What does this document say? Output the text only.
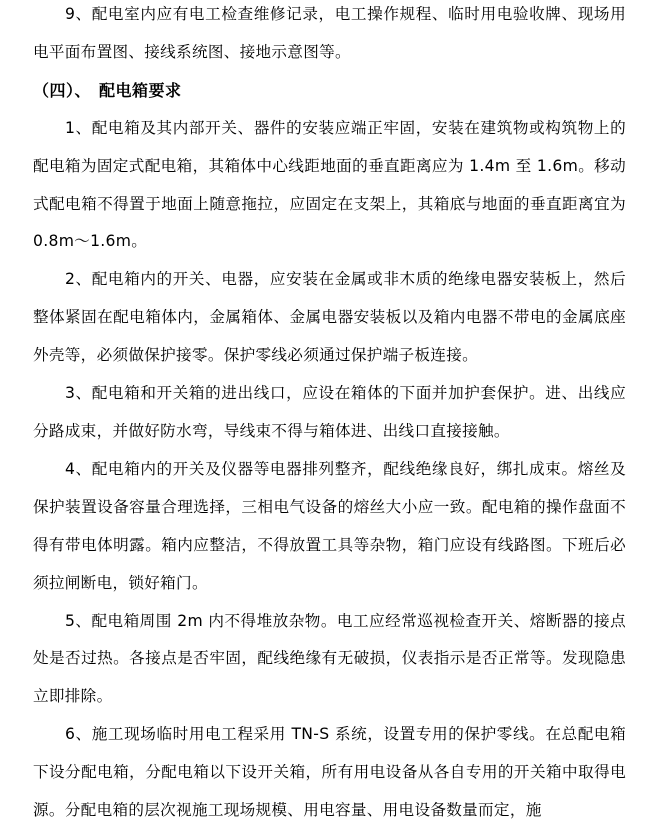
9、配电室内应有电工检查维修记录，电工操作规程、临时用电验收牌、现场用电平面布置图、接线系统图、接地示意图等。

（四）、 配电箱要求

1、配电箱及其内部开关、器件的安装应端正牢固，安装在建筑物或构筑物上的配电箱为固定式配电箱，其箱体中心线距地面的垂直距离应为 1.4m 至 1.6m。移动式配电箱不得置于地面上随意拖拉，应固定在支架上，其箱底与地面的垂直距离宜为 0.8m～1.6m。

2、配电箱内的开关、电器，应安装在金属或非木质的绝缘电器安装板上，然后整体紧固在配电箱体内，金属箱体、金属电器安装板以及箱内电器不带电的金属底座外壳等，必须做保护接零。保护零线必须通过保护端子板连接。

3、配电箱和开关箱的进出线口，应设在箱体的下面并加护套保护。进、出线应分路成束，并做好防水弯，导线束不得与箱体进、出线口直接接触。

4、配电箱内的开关及仪器等电器排列整齐，配线绝缘良好，绑扎成束。熔丝及保护装置设备容量合理选择，三相电气设备的熔丝大小应一致。配电箱的操作盘面不得有带电体明露。箱内应整洁，不得放置工具等杂物，箱门应设有线路图。下班后必须拉闸断电，锁好箱门。

5、配电箱周围 2m 内不得堆放杂物。电工应经常巡视检查开关、熔断器的接点处是否过热。各接点是否牢固，配线绝缘有无破损，仪表指示是否正常等。发现隐患立即排除。

6、施工现场临时用电工程采用 TN-S 系统，设置专用的保护零线。在总配电箱下设分配电箱，分配电箱以下设开关箱，所有用电设备从各自专用的开关箱中取得电源。分配电箱的层次视施工现场规模、用电容量、用电设备数量而定，施
